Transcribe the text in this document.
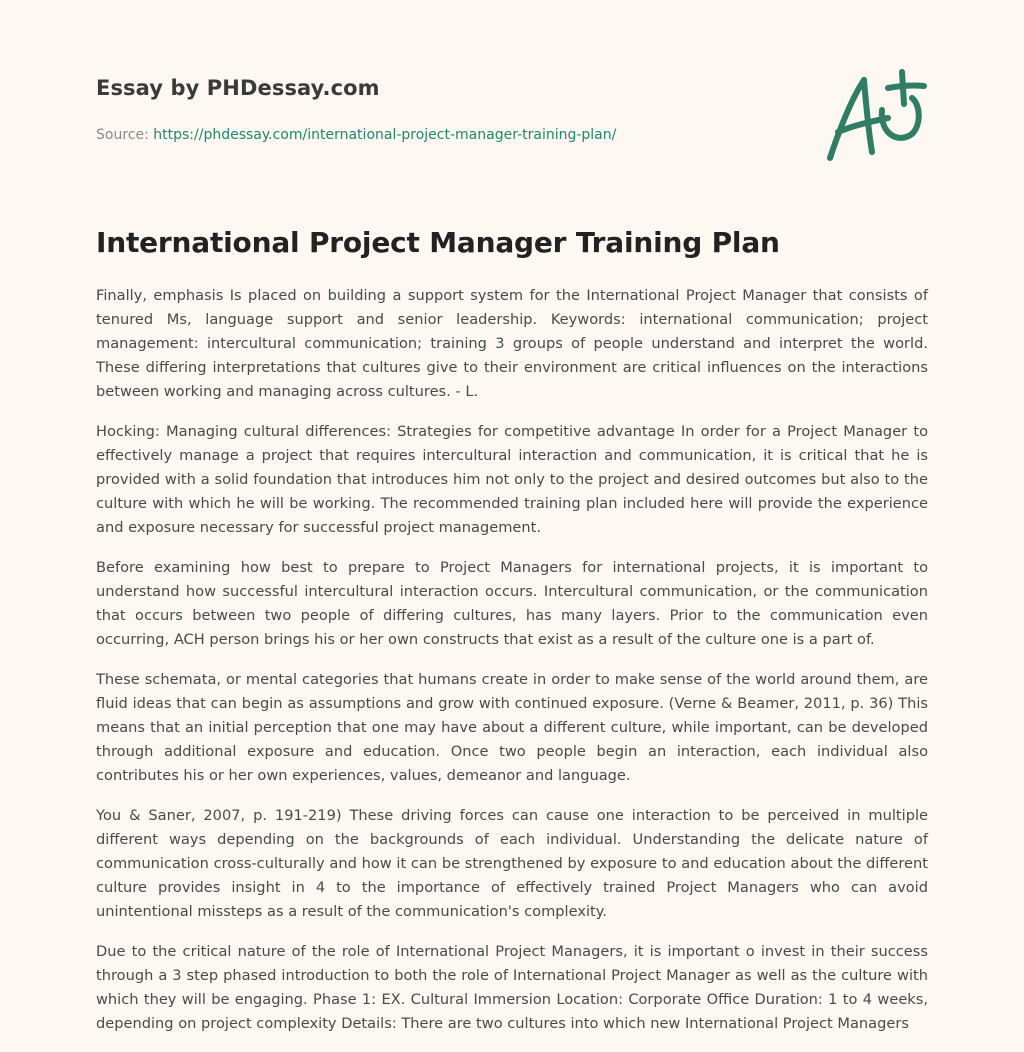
Essay by PHDessay.com
Source: https://phdessay.com/international-project-manager-training-plan/
International Project Manager Training Plan

Finally, emphasis Is placed on building a support system for the International Project Manager that consists of tenured Ms, language support and senior leadership. Keywords: international communication; project management: intercultural communication; training 3 groups of people understand and interpret the world. These differing interpretations that cultures give to their environment are critical influences on the interactions between working and managing across cultures. - L.

Hocking: Managing cultural differences: Strategies for competitive advantage In order for a Project Manager to effectively manage a project that requires intercultural interaction and communication, it is critical that he is provided with a solid foundation that introduces him not only to the project and desired outcomes but also to the culture with which he will be working. The recommended training plan included here will provide the experience and exposure necessary for successful project management.

Before examining how best to prepare to Project Managers for international projects, it is important to understand how successful intercultural interaction occurs. Intercultural communication, or the communication that occurs between two people of differing cultures, has many layers. Prior to the communication even occurring, ACH person brings his or her own constructs that exist as a result of the culture one is a part of.

These schemata, or mental categories that humans create in order to make sense of the world around them, are fluid ideas that can begin as assumptions and grow with continued exposure. (Verne & Beamer, 2011, p. 36) This means that an initial perception that one may have about a different culture, while important, can be developed through additional exposure and education. Once two people begin an interaction, each individual also contributes his or her own experiences, values, demeanor and language.

You & Saner, 2007, p. 191-219) These driving forces can cause one interaction to be perceived in multiple different ways depending on the backgrounds of each individual. Understanding the delicate nature of communication cross-culturally and how it can be strengthened by exposure to and education about the different culture provides insight in 4 to the importance of effectively trained Project Managers who can avoid unintentional missteps as a result of the communication's complexity.

Due to the critical nature of the role of International Project Managers, it is important o invest in their success through a 3 step phased introduction to both the role of International Project Manager as well as the culture with which they will be engaging. Phase 1: EX. Cultural Immersion Location: Corporate Office Duration: 1 to 4 weeks, depending on project complexity Details: There are two cultures into which new International Project Managers
